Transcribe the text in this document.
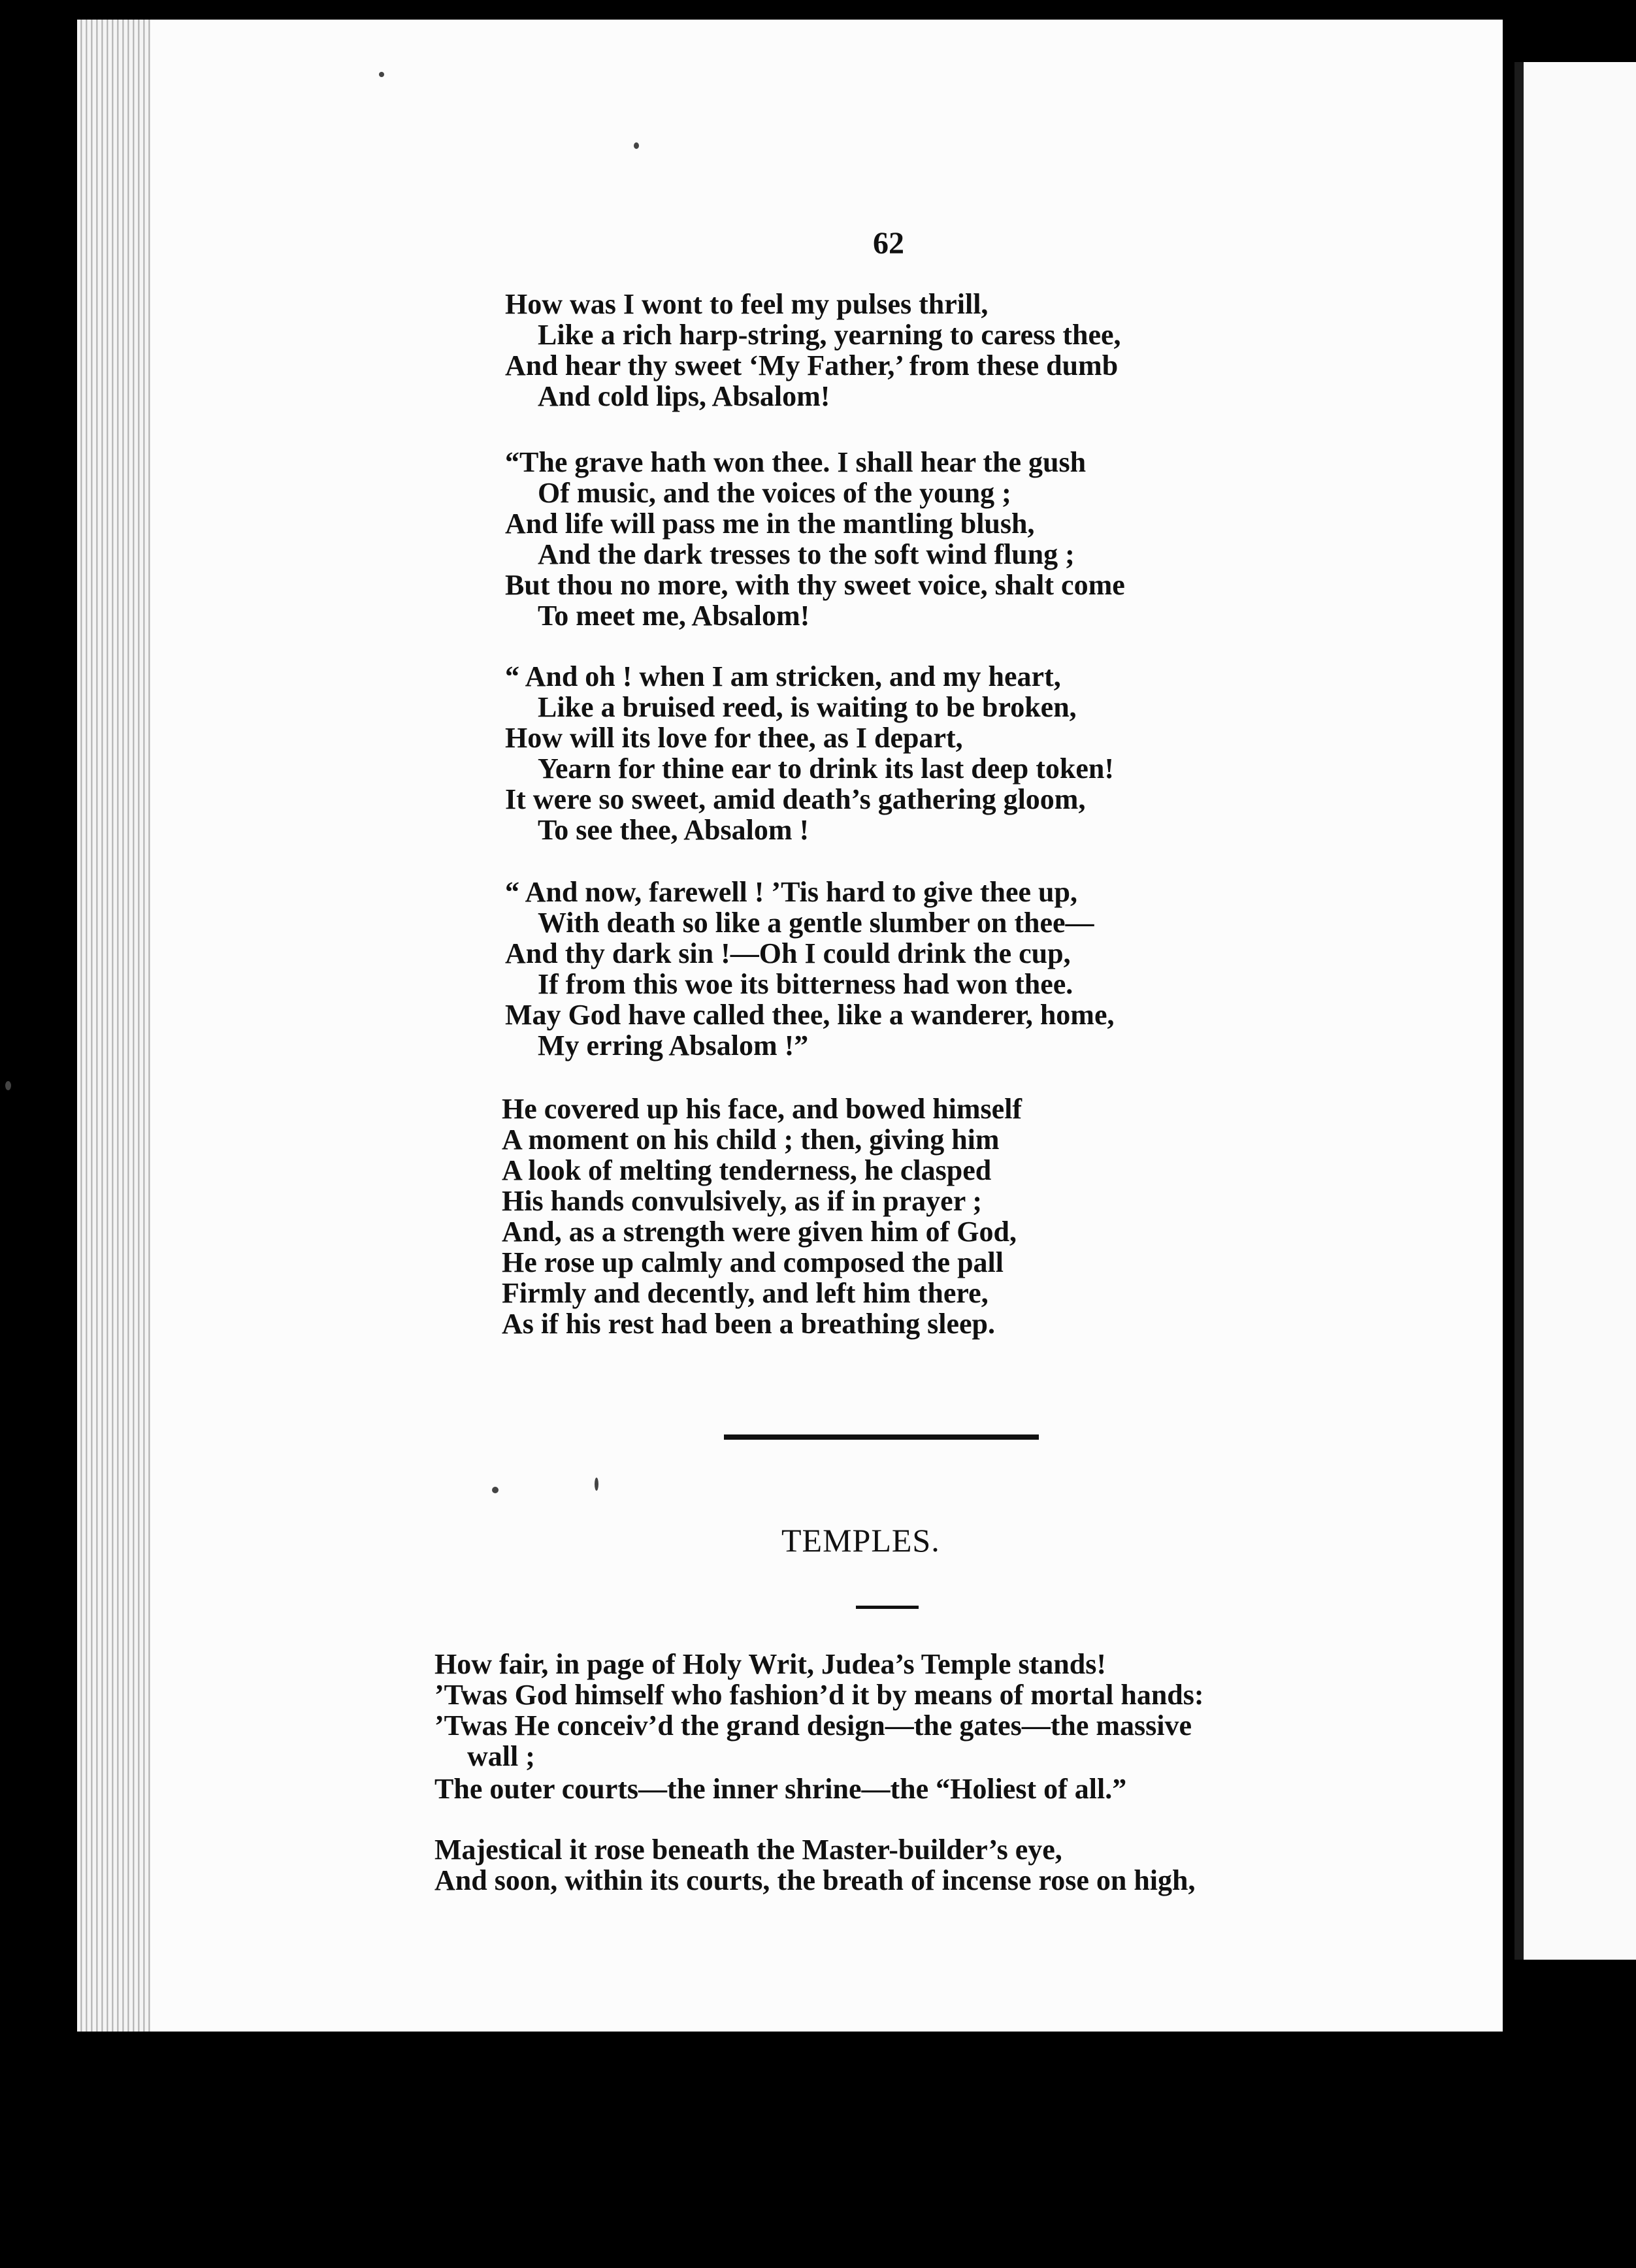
62
How was I wont to feel my pulses thrill,
Like a rich harp-string, yearning to caress thee,
And hear thy sweet ‘My Father,’ from these dumb
And cold lips, Absalom!
“The grave hath won thee. I shall hear the gush
Of music, and the voices of the young ;
And life will pass me in the mantling blush,
And the dark tresses to the soft wind flung ;
But thou no more, with thy sweet voice, shalt come
To meet me, Absalom!
“ And oh ! when I am stricken, and my heart,
Like a bruised reed, is waiting to be broken,
How will its love for thee, as I depart,
Yearn for thine ear to drink its last deep token!
It were so sweet, amid death’s gathering gloom,
To see thee, Absalom !
“ And now, farewell ! ’Tis hard to give thee up,
With death so like a gentle slumber on thee—
And thy dark sin !—Oh I could drink the cup,
If from this woe its bitterness had won thee.
May God have called thee, like a wanderer, home,
My erring Absalom !”
He covered up his face, and bowed himself
A moment on his child ; then, giving him
A look of melting tenderness, he clasped
His hands convulsively, as if in prayer ;
And, as a strength were given him of God,
He rose up calmly and composed the pall
Firmly and decently, and left him there,
As if his rest had been a breathing sleep.
TEMPLES.
How fair, in page of Holy Writ, Judea’s Temple stands!
’Twas God himself who fashion’d it by means of mortal hands:
’Twas He conceiv’d the grand design—the gates—the massive
wall ;
The outer courts—the inner shrine—the “Holiest of all.”
Majestical it rose beneath the Master-builder’s eye,
And soon, within its courts, the breath of incense rose on high,
